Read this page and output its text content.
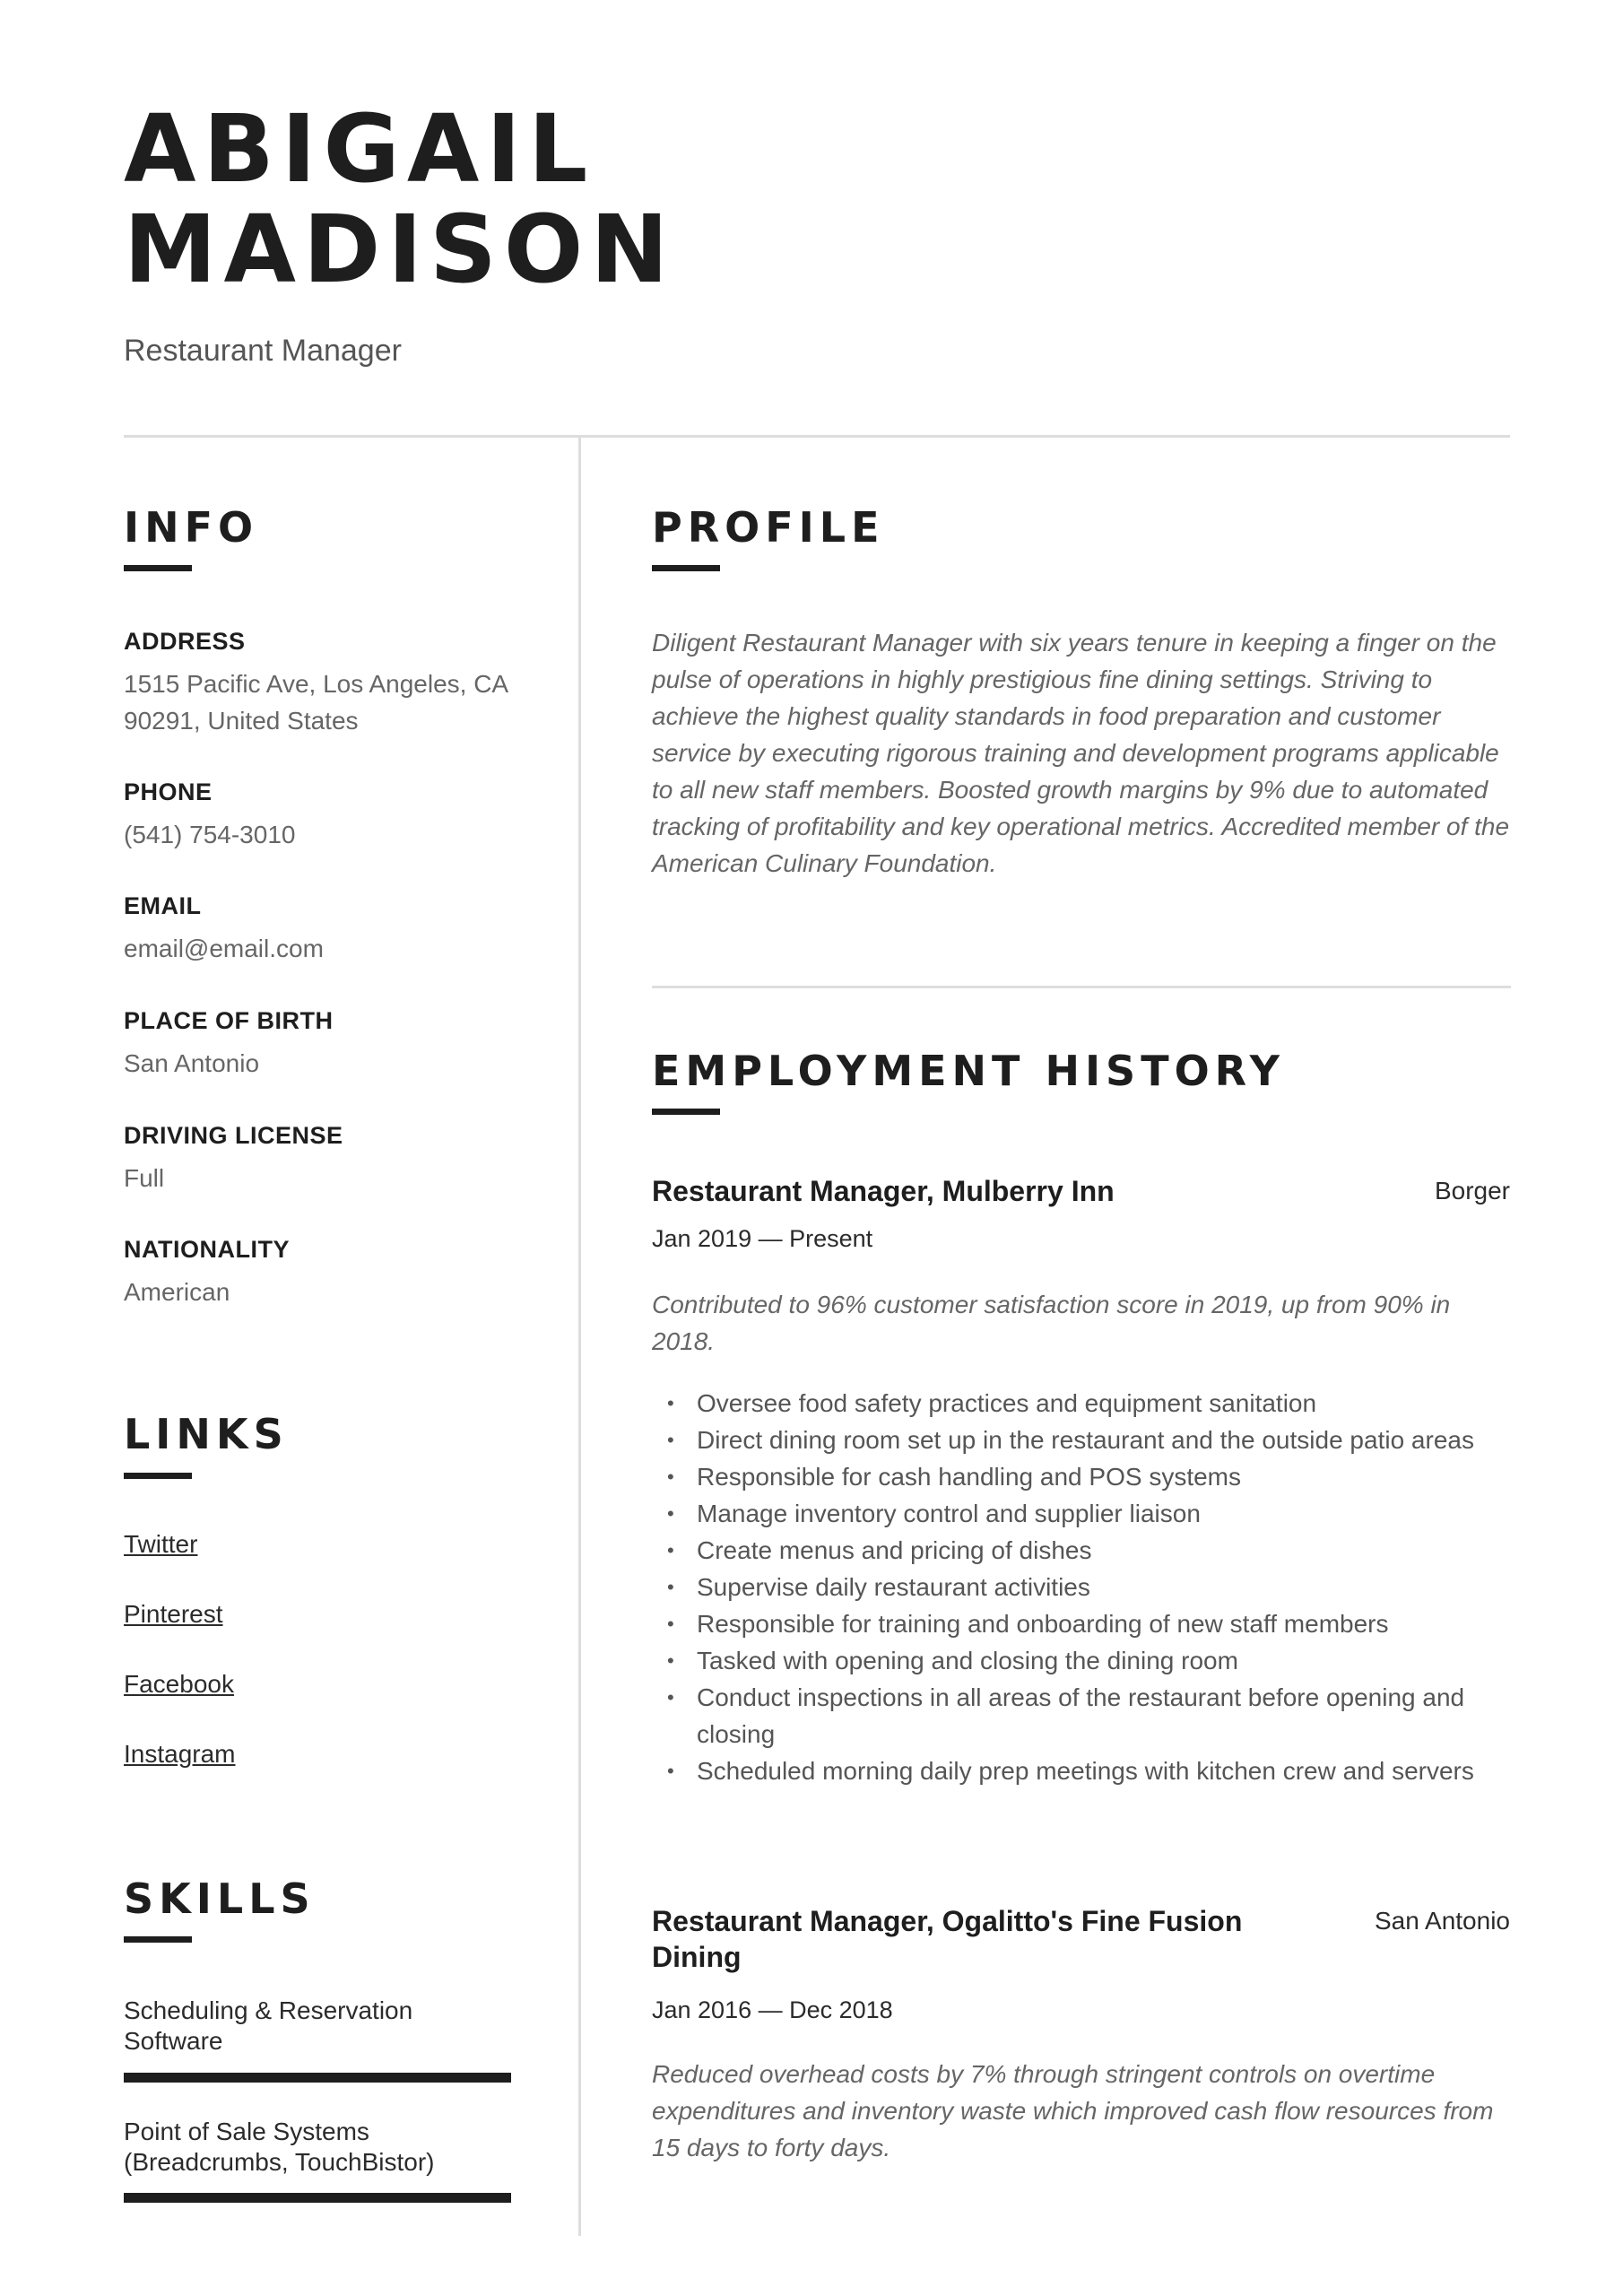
ABIGAIL
MADISON

Restaurant Manager

INFO

ADDRESS

1515 Pacific Ave, Los Angeles, CA

90291, United States

PHONE

(541) 754-3010

EMAIL

email@email.com

PLACE OF BIRTH

San Antonio

DRIVING LICENSE

Full

NATIONALITY

American

LINKS
Twitter
Pinterest
Facebook
Instagram
SKILLS

Scheduling & Reservation Software

Point of Sale Systems (Breadcrumbs, TouchBistor)

PROFILE

Diligent Restaurant Manager with six years tenure in keeping a finger on the pulse of operations in highly prestigious fine dining settings. Striving to achieve the highest quality standards in food preparation and customer service by executing rigorous training and development programs applicable to all new staff members. Boosted growth margins by 9% due to automated tracking of profitability and key operational metrics. Accredited member of the American Culinary Foundation.

EMPLOYMENT HISTORY

Restaurant Manager, Mulberry Inn	Borger

Jan 2019 — Present

Contributed to 96% customer satisfaction score in 2019, up from 90% in 2018.

• Oversee food safety practices and equipment sanitation
• Direct dining room set up in the restaurant and the outside patio areas
• Responsible for cash handling and POS systems
• Manage inventory control and supplier liaison
• Create menus and pricing of dishes
• Supervise daily restaurant activities
• Responsible for training and onboarding of new staff members
• Tasked with opening and closing the dining room
• Conduct inspections in all areas of the restaurant before opening and closing
• Scheduled morning daily prep meetings with kitchen crew and servers

Restaurant Manager, Ogalitto's Fine Fusion Dining

San Antonio

Jan 2016 — Dec 2018

Reduced overhead costs by 7% through stringent controls on overtime expenditures and inventory waste which improved cash flow resources from 15 days to forty days.
